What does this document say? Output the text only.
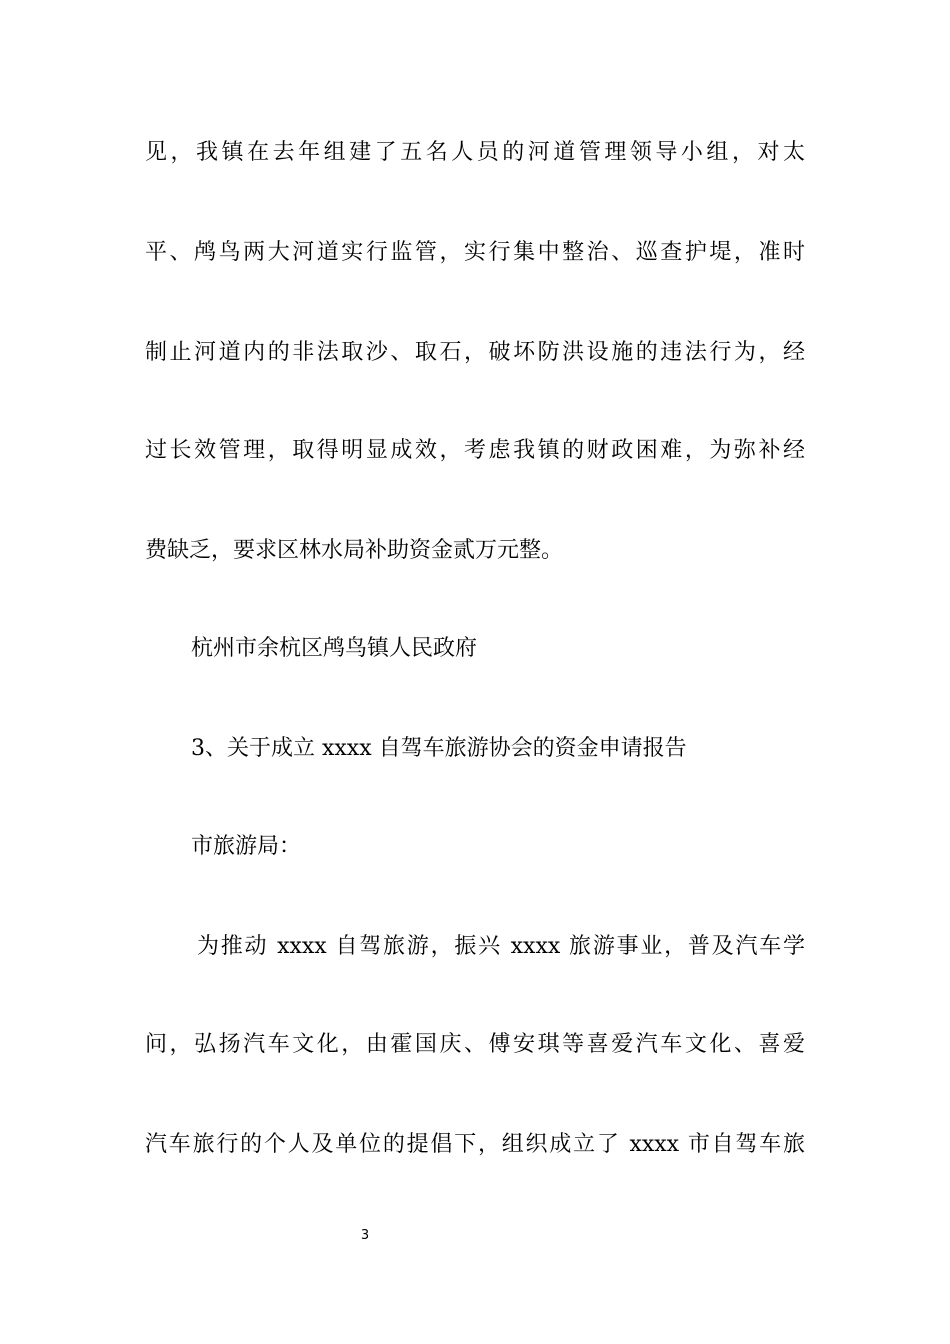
见，我镇在去年组建了五名人员的河道管理领导小组，对太

平、鸬鸟两大河道实行监管，实行集中整治、巡查护堤，准时

制止河道内的非法取沙、取石，破坏防洪设施的违法行为，经

过长效管理，取得明显成效，考虑我镇的财政困难，为弥补经

费缺乏，要求区林水局补助资金贰万元整。

杭州市余杭区鸬鸟镇人民政府

3、关于成立 xxxx 自驾车旅游协会的资金申请报告

市旅游局：

为推动 xxxx 自驾旅游，振兴 xxxx 旅游事业，普及汽车学

问，弘扬汽车文化，由霍国庆、傅安琪等喜爱汽车文化、喜爱

汽车旅行的个人及单位的提倡下，组织成立了 xxxx 市自驾车旅

3
